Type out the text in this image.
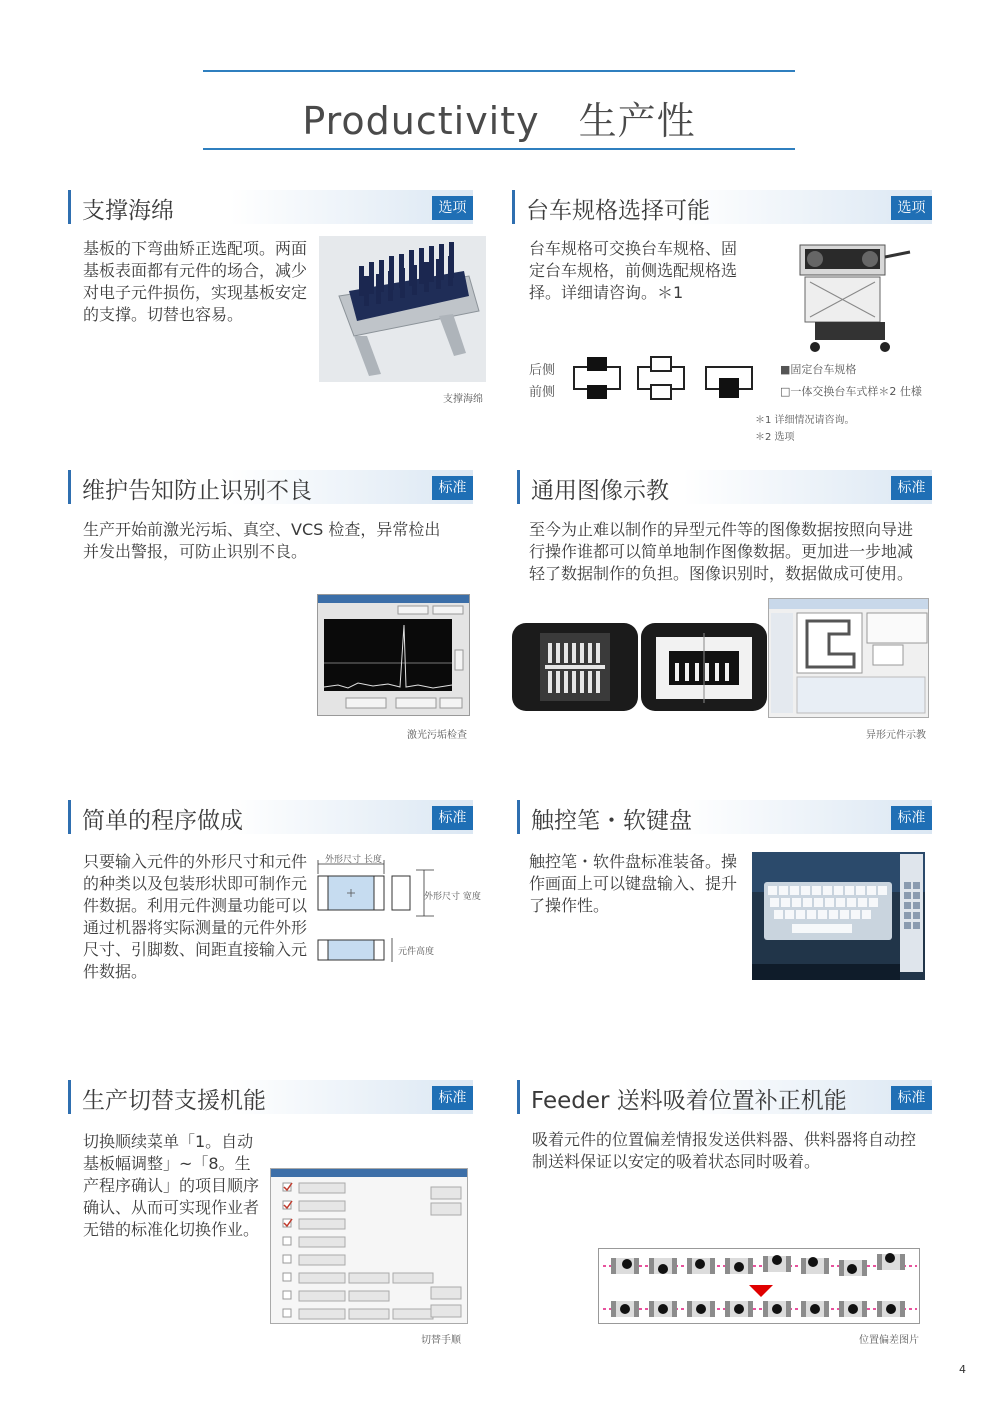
Productivity　生产性
支撑海绵	选项
基板的下弯曲矫正选配项。两面基板表面都有元件的场合，减少对电子元件损伤，实现基板安定的支撑。切替也容易。
支撑海绵
台车规格选择可能	选项
台车规格可交换台车规格、固定台车规格，前侧选配规格选择。详细请咨询。＊1
后侧
前侧
■固定台车规格
□一体交换台车式样＊2 仕様
＊1 详细情况请咨询。
＊2 选项
维护告知防止识别不良	标准
生产开始前激光污垢、真空、VCS 检查，异常检出并发出警报，可防止识别不良。
激光污垢检查
通用图像示教	标准
至今为止难以制作的异型元件等的图像数据按照向导进行操作谁都可以简单地制作图像数据。更加进一步地减轻了数据制作的负担。图像识别时，数据做成可使用。
异形元件示教
简单的程序做成	标准
只要输入元件的外形尺寸和元件的种类以及包装形状即可制作元件数据。利用元件测量功能可以通过机器将实际测量的元件外形尺寸、引脚数、间距直接输入元件数据。
外形尺寸 长度
外形尺寸 宽度
元件高度
触控笔・软键盘	标准
触控笔・软件盘标准装备。操作画面上可以键盘输入、提升了操作性。
生产切替支援机能	标准
切换顺续菜单「1。自动基板幅调整」~「8。生产程序确认」的项目顺序确认、从而可实现作业者无错的标准化切换作业。
切替手顺
Feeder 送料吸着位置补正机能	标准
吸着元件的位置偏差情报发送供料器、供料器将自动控制送料保证以安定的吸着状态同时吸着。
位置偏差图片
4
